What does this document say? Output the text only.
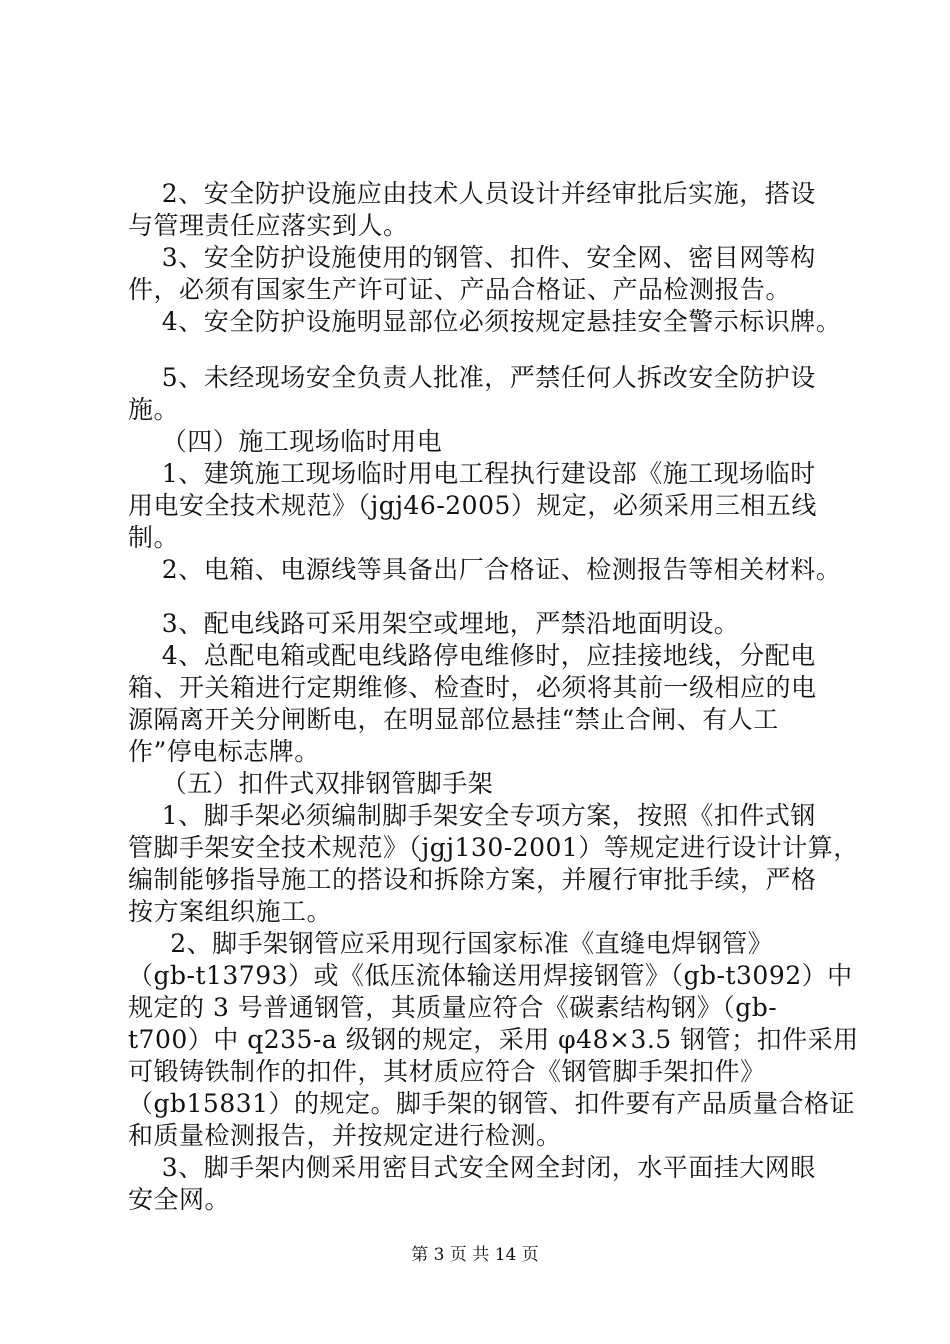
2、安全防护设施应由技术人员设计并经审批后实施，搭设
与管理责任应落实到人。
3、安全防护设施使用的钢管、扣件、安全网、密目网等构
件，必须有国家生产许可证、产品合格证、产品检测报告。
4、安全防护设施明显部位必须按规定悬挂安全警示标识牌。
5、未经现场安全负责人批准，严禁任何人拆改安全防护设
施。
（四）施工现场临时用电
1、建筑施工现场临时用电工程执行建设部《施工现场临时
用电安全技术规范》（jgj46-2005）规定，必须采用三相五线
制。
2、电箱、电源线等具备出厂合格证、检测报告等相关材料。
3、配电线路可采用架空或埋地，严禁沿地面明设。
4、总配电箱或配电线路停电维修时，应挂接地线，分配电
箱、开关箱进行定期维修、检查时，必须将其前一级相应的电
源隔离开关分闸断电，在明显部位悬挂“禁止合闸、有人工
作”停电标志牌。
（五）扣件式双排钢管脚手架
1、脚手架必须编制脚手架安全专项方案，按照《扣件式钢
管脚手架安全技术规范》（jgj130-2001）等规定进行设计计算，
编制能够指导施工的搭设和拆除方案，并履行审批手续，严格
按方案组织施工。
2、脚手架钢管应采用现行国家标准《直缝电焊钢管》
（gb-t13793）或《低压流体输送用焊接钢管》（gb-t3092）中
规定的 3 号普通钢管，其质量应符合《碳素结构钢》（gb-
t700）中 q235-a 级钢的规定，采用 φ48×3.5 钢管；扣件采用
可锻铸铁制作的扣件，其材质应符合《钢管脚手架扣件》
（gb15831）的规定。脚手架的钢管、扣件要有产品质量合格证
和质量检测报告，并按规定进行检测。
3、脚手架内侧采用密目式安全网全封闭，水平面挂大网眼
安全网。
第 3 页 共 14 页
